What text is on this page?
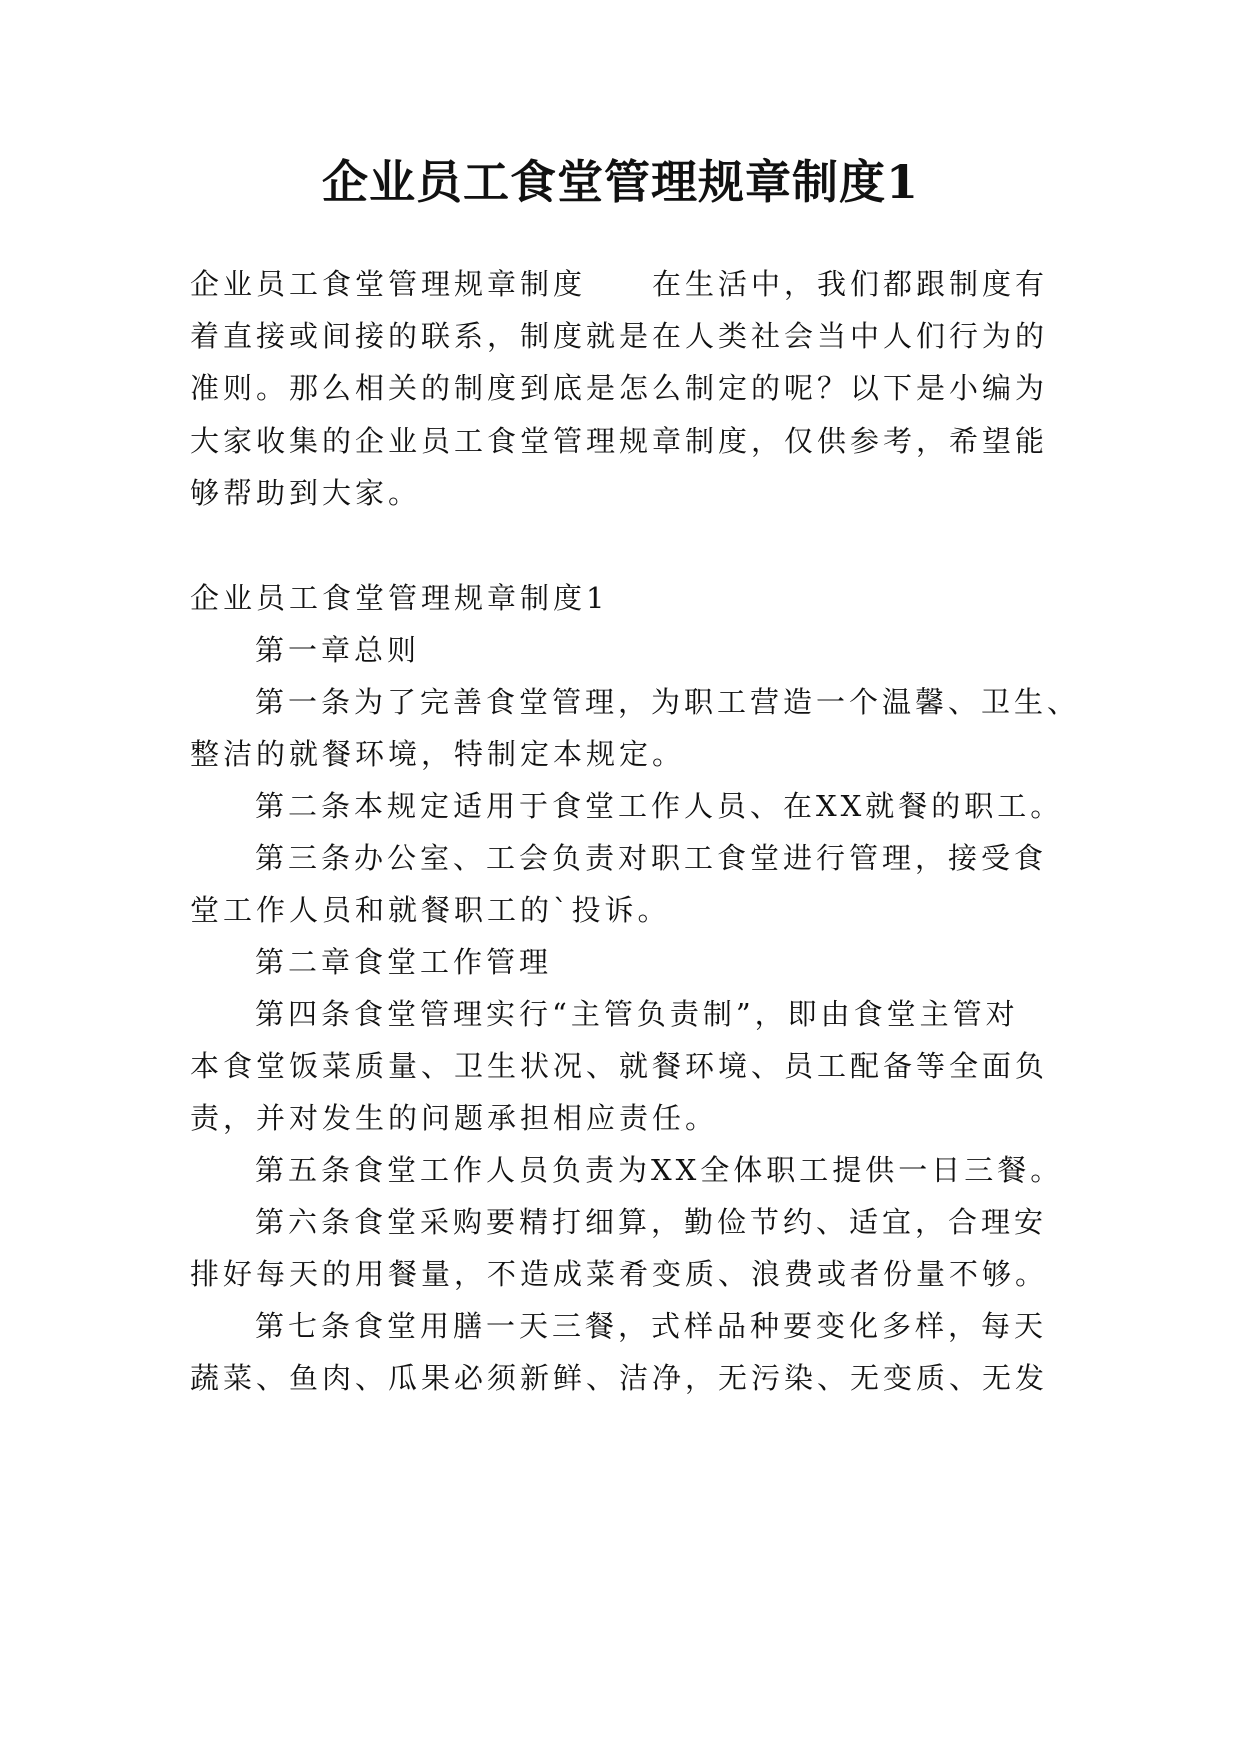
企业员工食堂管理规章制度1
企业员工食堂管理规章制度　　在生活中，我们都跟制度有
着直接或间接的联系，制度就是在人类社会当中人们行为的
准则。那么相关的制度到底是怎么制定的呢？以下是小编为
大家收集的企业员工食堂管理规章制度，仅供参考，希望能
够帮助到大家。
企业员工食堂管理规章制度1
第一章总则
第一条为了完善食堂管理，为职工营造一个温馨、卫生、
整洁的就餐环境，特制定本规定。
第二条本规定适用于食堂工作人员、在XX就餐的职工。
第三条办公室、工会负责对职工食堂进行管理，接受食
堂工作人员和就餐职工的`投诉。
第二章食堂工作管理
第四条食堂管理实行“主管负责制”，即由食堂主管对
本食堂饭菜质量、卫生状况、就餐环境、员工配备等全面负
责，并对发生的问题承担相应责任。
第五条食堂工作人员负责为XX全体职工提供一日三餐。
第六条食堂采购要精打细算，勤俭节约、适宜，合理安
排好每天的用餐量，不造成菜肴变质、浪费或者份量不够。
第七条食堂用膳一天三餐，式样品种要变化多样，每天
蔬菜、鱼肉、瓜果必须新鲜、洁净，无污染、无变质、无发
